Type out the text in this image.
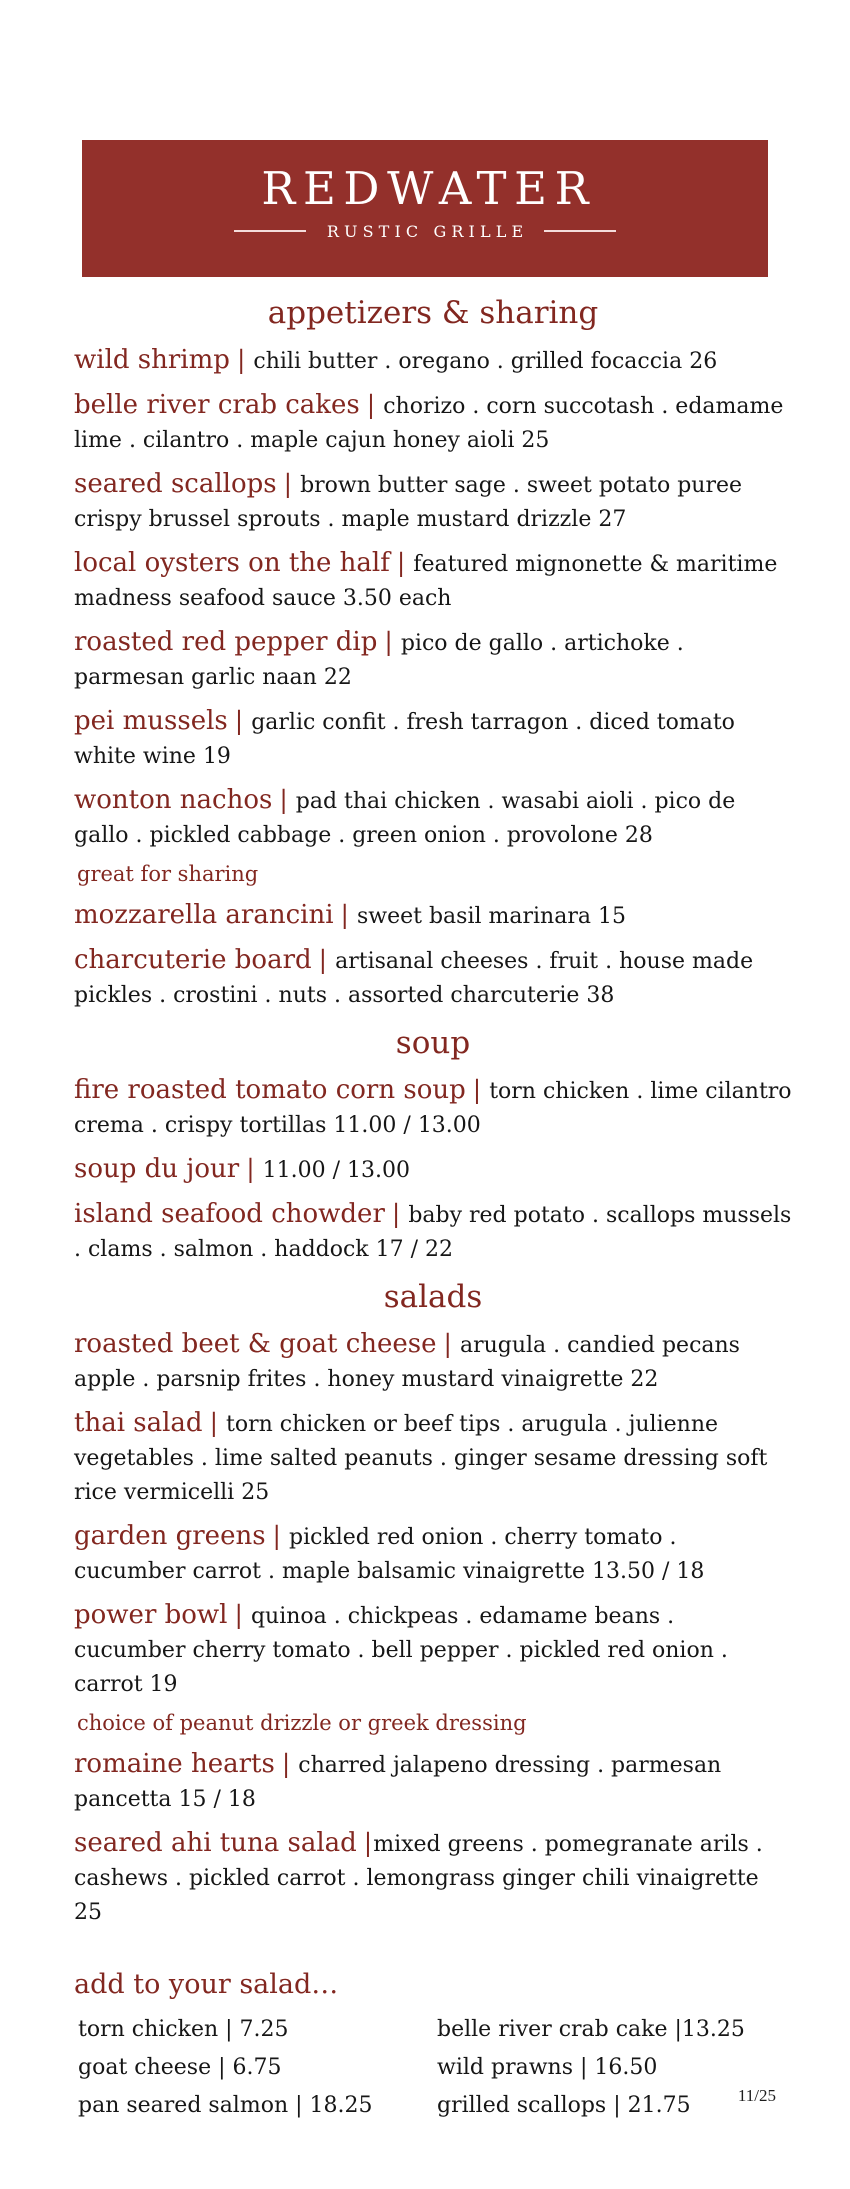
REDWATER
RUSTIC GRILLE
appetizers & sharing

wild shrimp | chili butter . oregano . grilled focaccia 26

belle river crab cakes | chorizo . corn succotash . edamame lime . cilantro . maple cajun honey aioli 25

seared scallops | brown butter sage . sweet potato puree crispy brussel sprouts . maple mustard drizzle 27

local oysters on the half | featured mignonette & maritime madness seafood sauce 3.50 each

roasted red pepper dip | pico de gallo . artichoke . parmesan garlic naan 22

pei mussels | garlic confit . fresh tarragon . diced tomato white wine 19

wonton nachos | pad thai chicken . wasabi aioli . pico de gallo . pickled cabbage . green onion . provolone 28

great for sharing

mozzarella arancini | sweet basil marinara 15

charcuterie board | artisanal cheeses . fruit . house made pickles . crostini . nuts . assorted charcuterie 38

soup

fire roasted tomato corn soup | torn chicken . lime cilantro crema . crispy tortillas 11.00 / 13.00

soup du jour | 11.00 / 13.00

island seafood chowder | baby red potato . scallops mussels . clams . salmon . haddock 17 / 22

salads

roasted beet & goat cheese | arugula . candied pecans apple . parsnip frites . honey mustard vinaigrette 22

thai salad | torn chicken or beef tips . arugula . julienne vegetables . lime salted peanuts . ginger sesame dressing soft rice vermicelli 25

garden greens | pickled red onion . cherry tomato . cucumber carrot . maple balsamic vinaigrette 13.50 / 18

power bowl | quinoa . chickpeas . edamame beans . cucumber cherry tomato . bell pepper . pickled red onion . carrot 19

choice of peanut drizzle or greek dressing

romaine hearts | charred jalapeno dressing . parmesan pancetta 15 / 18

seared ahi tuna salad |mixed greens . pomegranate arils . cashews . pickled carrot . lemongrass ginger chili vinaigrette 25

add to your salad…
torn chicken | 7.25
goat cheese | 6.75
pan seared salmon | 18.25
belle river crab cake |13.25
wild prawns | 16.50
grilled scallops | 21.75	11/25
